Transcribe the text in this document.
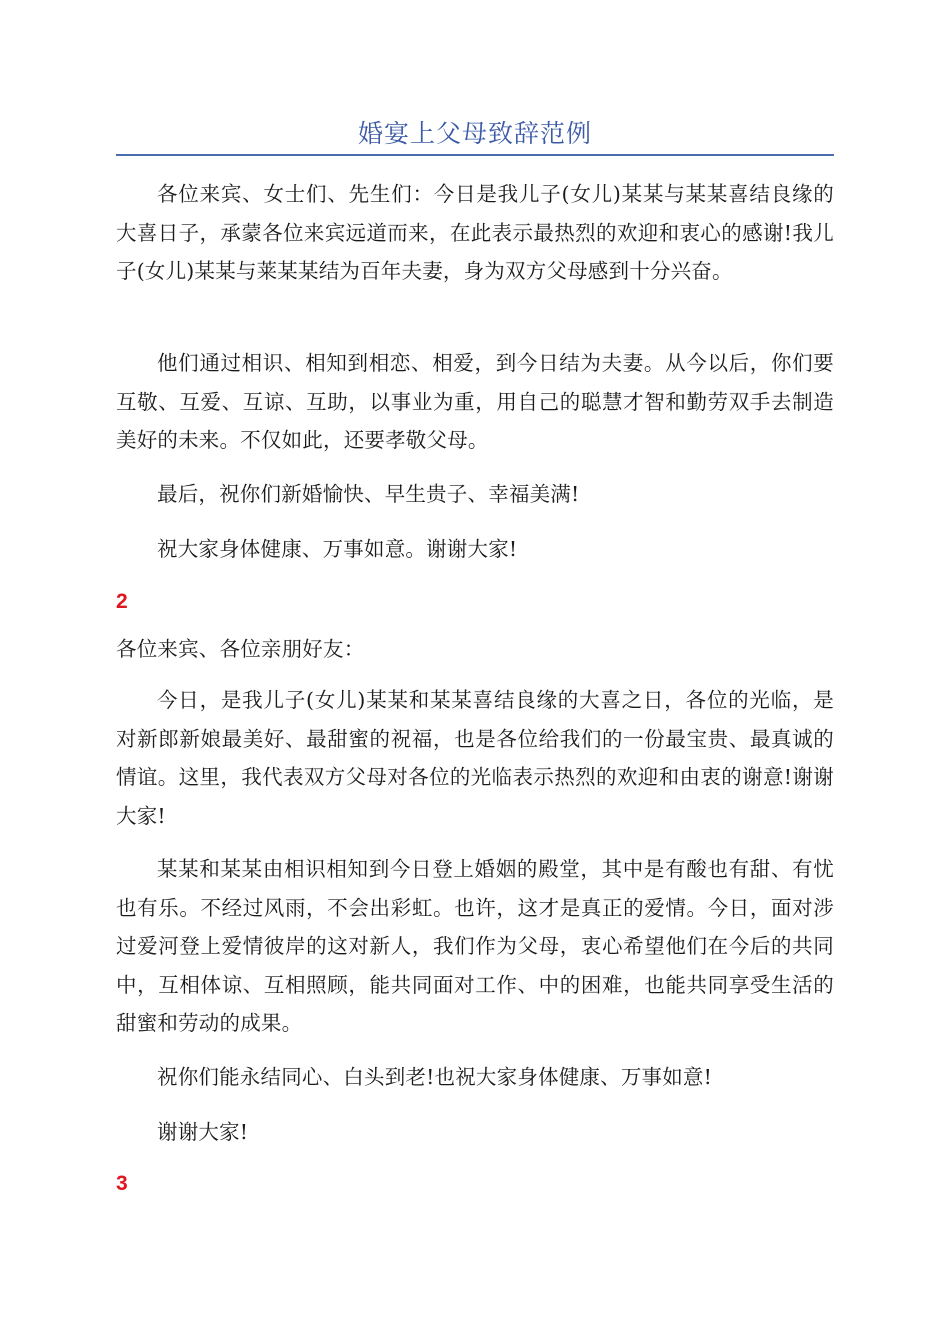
婚宴上父母致辞范例

各位来宾、女士们、先生们：今日是我儿子(女儿)某某与某某喜结良缘的大喜日子，承蒙各位来宾远道而来，在此表示最热烈的欢迎和衷心的感谢!我儿子(女儿)某某与莱某某结为百年夫妻，身为双方父母感到十分兴奋。

他们通过相识、相知到相恋、相爱，到今日结为夫妻。从今以后，你们要互敬、互爱、互谅、互助，以事业为重，用自己的聪慧才智和勤劳双手去制造美好的未来。不仅如此，还要孝敬父母。

最后，祝你们新婚愉快、早生贵子、幸福美满!

祝大家身体健康、万事如意。谢谢大家!

2

各位来宾、各位亲朋好友：

今日，是我儿子(女儿)某某和某某喜结良缘的大喜之日，各位的光临，是对新郎新娘最美好、最甜蜜的祝福，也是各位给我们的一份最宝贵、最真诚的情谊。这里，我代表双方父母对各位的光临表示热烈的欢迎和由衷的谢意!谢谢大家!

某某和某某由相识相知到今日登上婚姻的殿堂，其中是有酸也有甜、有忧也有乐。不经过风雨，不会出彩虹。也许，这才是真正的爱情。今日，面对涉过爱河登上爱情彼岸的这对新人，我们作为父母，衷心希望他们在今后的共同中，互相体谅、互相照顾，能共同面对工作、中的困难，也能共同享受生活的甜蜜和劳动的成果。

祝你们能永结同心、白头到老!也祝大家身体健康、万事如意!

谢谢大家!

3
